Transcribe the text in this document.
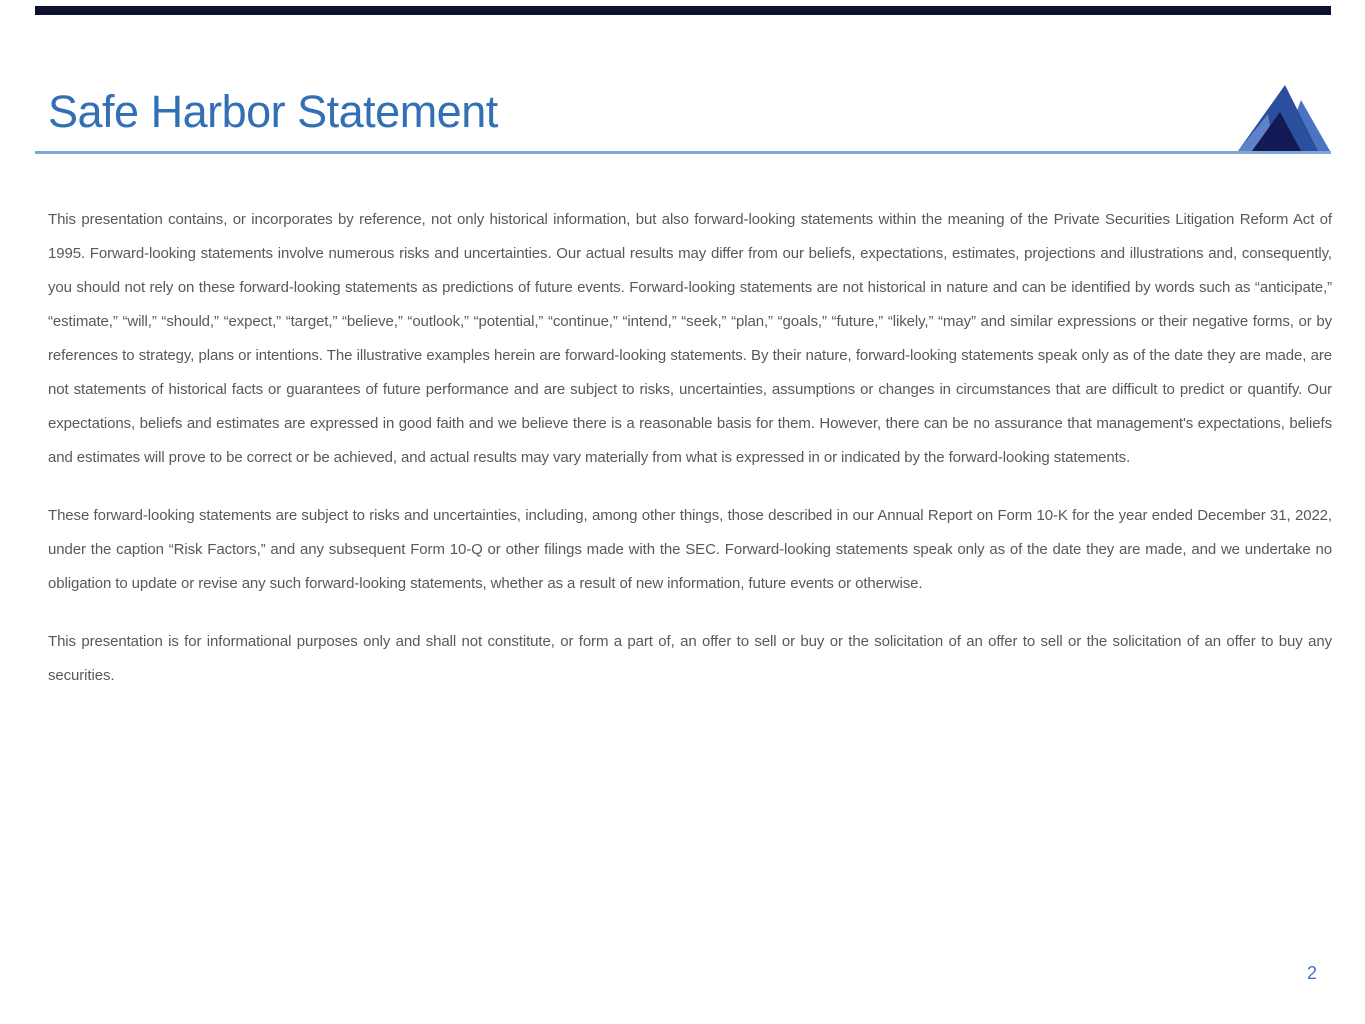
Safe Harbor Statement

This presentation contains, or incorporates by reference, not only historical information, but also forward-looking statements within the meaning of the Private Securities Litigation Reform Act of 1995. Forward-looking statements involve numerous risks and uncertainties. Our actual results may differ from our beliefs, expectations, estimates, projections and illustrations and, consequently, you should not rely on these forward-looking statements as predictions of future events. Forward-looking statements are not historical in nature and can be identified by words such as “anticipate,” “estimate,” “will,” “should,” “expect,” “target,” “believe,” “outlook,” “potential,” “continue,” “intend,” “seek,” “plan,” “goals,” “future,” “likely,” “may” and similar expressions or their negative forms, or by references to strategy, plans or intentions. The illustrative examples herein are forward-looking statements. By their nature, forward-looking statements speak only as of the date they are made, are not statements of historical facts or guarantees of future performance and are subject to risks, uncertainties, assumptions or changes in circumstances that are difficult to predict or quantify. Our expectations, beliefs and estimates are expressed in good faith and we believe there is a reasonable basis for them. However, there can be no assurance that management's expectations, beliefs and estimates will prove to be correct or be achieved, and actual results may vary materially from what is expressed in or indicated by the forward-looking statements.

These forward-looking statements are subject to risks and uncertainties, including, among other things, those described in our Annual Report on Form 10-K for the year ended December 31, 2022, under the caption “Risk Factors,” and any subsequent Form 10-Q or other filings made with the SEC. Forward-looking statements speak only as of the date they are made, and we undertake no obligation to update or revise any such forward-looking statements, whether as a result of new information, future events or otherwise.

This presentation is for informational purposes only and shall not constitute, or form a part of, an offer to sell or buy or the solicitation of an offer to sell or the solicitation of an offer to buy any securities.

2
